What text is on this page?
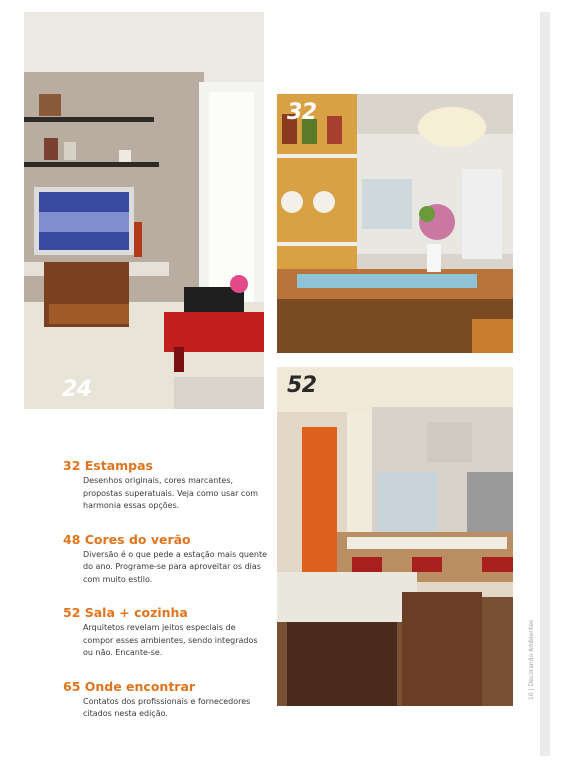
24
32
52

32 Estampas

Desenhos originais, cores marcantes, propostas superatuais. Veja como usar com harmonia essas opções.

48 Cores do verão

Diversão é o que pede a estação mais quente do ano. Programe-se para aproveitar os dias com muito estilo.

52 Sala + cozinha

Arquitetos revelam jeitos especiais de compor esses ambientes, sendo integrados ou não. Encante-se.

65 Onde encontrar

Contatos dos profissionais e fornecedores citados nesta edição.

10 | Decorando Ambientes
